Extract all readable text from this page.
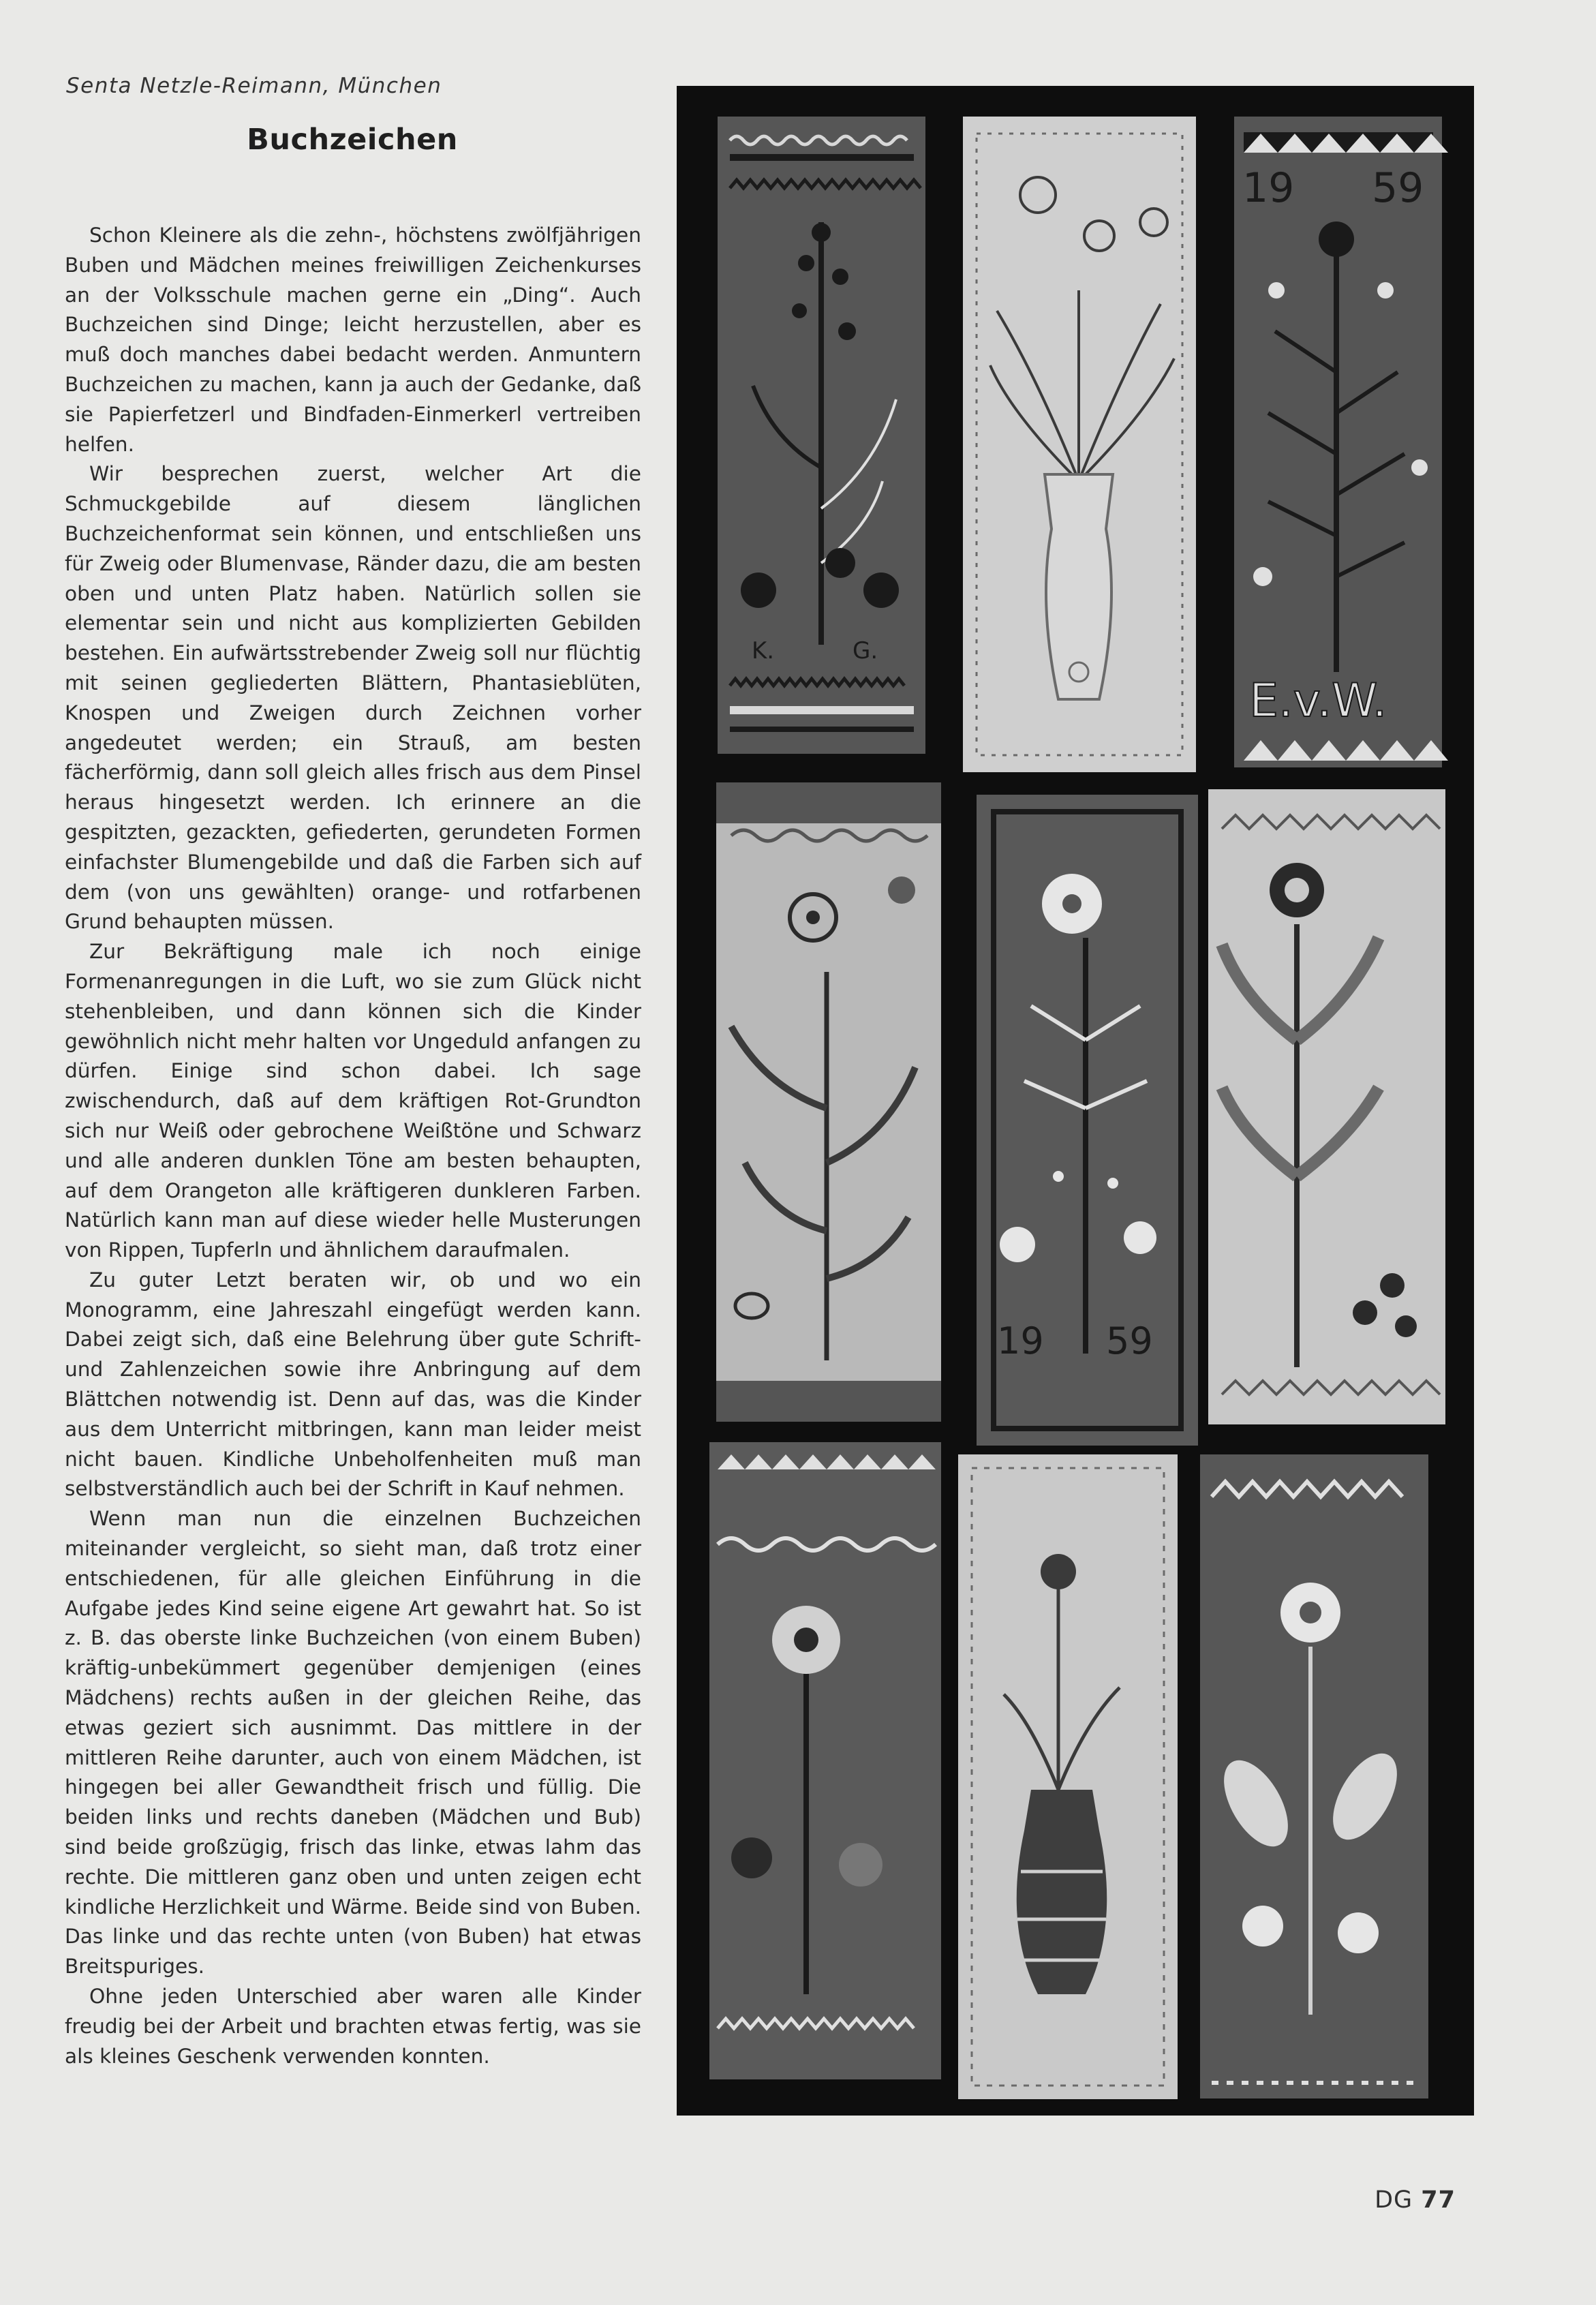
Senta Netzle-Reimann, München
Buchzeichen

Schon Kleinere als die zehn-, höchstens zwölfjährigen Buben und Mädchen meines freiwilligen Zeichenkurses an der Volksschule machen gerne ein „Ding“. Auch Buchzeichen sind Dinge; leicht herzustellen, aber es muß doch manches dabei bedacht werden. Anmuntern Buchzeichen zu machen, kann ja auch der Gedanke, daß sie Papierfetzerl und Bindfaden-Einmerkerl vertreiben helfen.

Wir besprechen zuerst, welcher Art die Schmuckgebilde auf diesem länglichen Buchzeichenformat sein können, und entschließen uns für Zweig oder Blumenvase, Ränder dazu, die am besten oben und unten Platz haben. Natürlich sollen sie elementar sein und nicht aus komplizierten Gebilden bestehen. Ein aufwärtsstrebender Zweig soll nur flüchtig mit seinen gegliederten Blättern, Phantasieblüten, Knospen und Zweigen durch Zeichnen vorher angedeutet werden; ein Strauß, am besten fächerförmig, dann soll gleich alles frisch aus dem Pinsel heraus hingesetzt werden. Ich erinnere an die gespitzten, gezackten, gefiederten, gerundeten Formen einfachster Blumengebilde und daß die Farben sich auf dem (von uns gewählten) orange- und rotfarbenen Grund behaupten müssen.

Zur Bekräftigung male ich noch einige Formenanregungen in die Luft, wo sie zum Glück nicht stehenbleiben, und dann können sich die Kinder gewöhnlich nicht mehr halten vor Ungeduld anfangen zu dürfen. Einige sind schon dabei. Ich sage zwischendurch, daß auf dem kräftigen Rot-Grundton sich nur Weiß oder gebrochene Weißtöne und Schwarz und alle anderen dunklen Töne am besten behaupten, auf dem Orangeton alle kräftigeren dunkleren Farben. Natürlich kann man auf diese wieder helle Musterungen von Rippen, Tupferln und ähnlichem daraufmalen.

Zu guter Letzt beraten wir, ob und wo ein Monogramm, eine Jahreszahl eingefügt werden kann. Dabei zeigt sich, daß eine Belehrung über gute Schrift- und Zahlenzeichen sowie ihre Anbringung auf dem Blättchen notwendig ist. Denn auf das, was die Kinder aus dem Unterricht mitbringen, kann man leider meist nicht bauen. Kindliche Unbeholfenheiten muß man selbstverständlich auch bei der Schrift in Kauf nehmen.

Wenn man nun die einzelnen Buchzeichen miteinander vergleicht, so sieht man, daß trotz einer entschiedenen, für alle gleichen Einführung in die Aufgabe jedes Kind seine eigene Art gewahrt hat. So ist z. B. das oberste linke Buchzeichen (von einem Buben) kräftig-unbekümmert gegenüber demjenigen (eines Mädchens) rechts außen in der gleichen Reihe, das etwas geziert sich ausnimmt. Das mittlere in der mittleren Reihe darunter, auch von einem Mädchen, ist hingegen bei aller Gewandtheit frisch und füllig. Die beiden links und rechts daneben (Mädchen und Bub) sind beide großzügig, frisch das linke, etwas lahm das rechte. Die mittleren ganz oben und unten zeigen echt kindliche Herzlichkeit und Wärme. Beide sind von Buben. Das linke und das rechte unten (von Buben) hat etwas Breitspuriges.

Ohne jeden Unterschied aber waren alle Kinder freudig bei der Arbeit und brachten etwas fertig, was sie als kleines Geschenk verwenden konnten.

K.	G.
19 59
E.v.W.
19 59
DG 77
